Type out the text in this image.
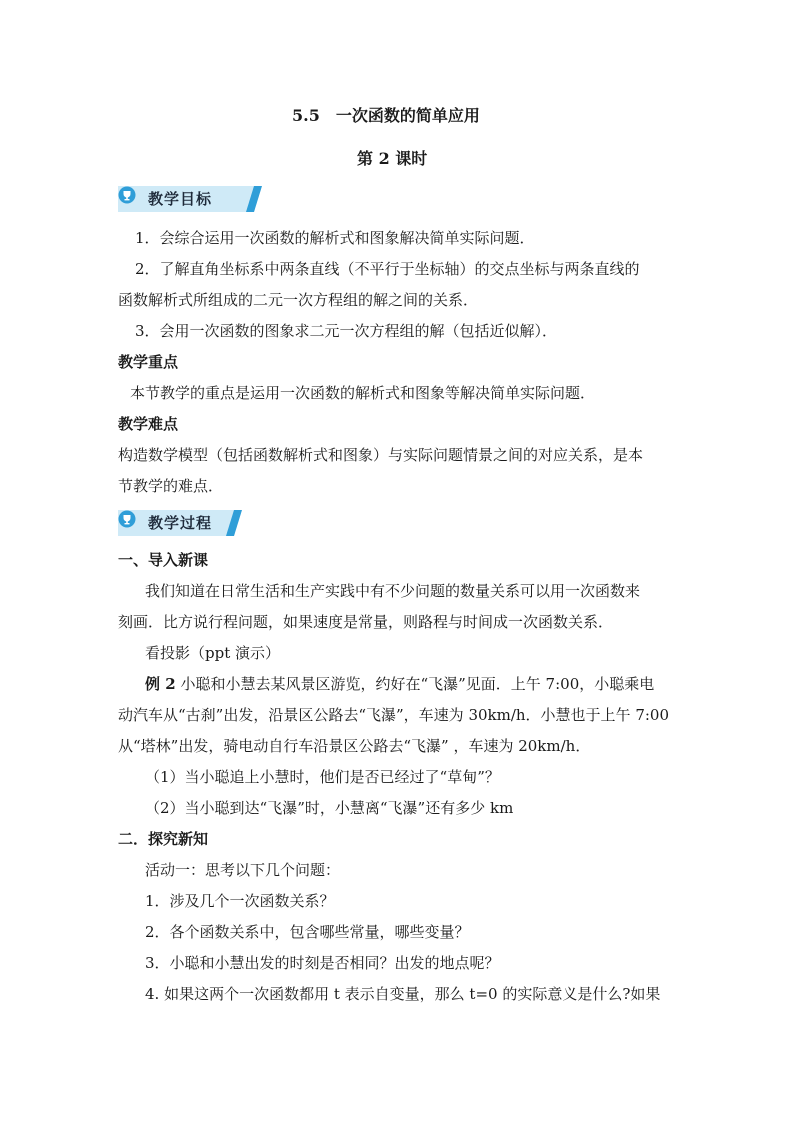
5.5　一次函数的简单应用
第 2 课时
教学目标
1．会综合运用一次函数的解析式和图象解决简单实际问题．
2．了解直角坐标系中两条直线（不平行于坐标轴）的交点坐标与两条直线的
函数解析式所组成的二元一次方程组的解之间的关系．
3．会用一次函数的图象求二元一次方程组的解（包括近似解）．
教学重点
本节教学的重点是运用一次函数的解析式和图象等解决简单实际问题．
教学难点
构造数学模型（包括函数解析式和图象）与实际问题情景之间的对应关系，是本
节教学的难点．
教学过程
一、导入新课
我们知道在日常生活和生产实践中有不少问题的数量关系可以用一次函数来
刻画．比方说行程问题，如果速度是常量，则路程与时间成一次函数关系．
看投影（ppt 演示）
例 2 小聪和小慧去某风景区游览，约好在“飞瀑”见面．上午 7:00，小聪乘电
动汽车从“古刹”出发，沿景区公路去“飞瀑”，车速为 30km/h．小慧也于上午 7:00
从“塔林”出发，骑电动自行车沿景区公路去“飞瀑” ，车速为 20km/h．
（1）当小聪追上小慧时，他们是否已经过了“草甸”？
（2）当小聪到达“飞瀑”时，小慧离“飞瀑”还有多少 km
二．探究新知
活动一：思考以下几个问题：
1．涉及几个一次函数关系？
2．各个函数关系中，包含哪些常量，哪些变量？
3．小聪和小慧出发的时刻是否相同？出发的地点呢？
4. 如果这两个一次函数都用 t 表示自变量，那么 t=0 的实际意义是什么?如果
